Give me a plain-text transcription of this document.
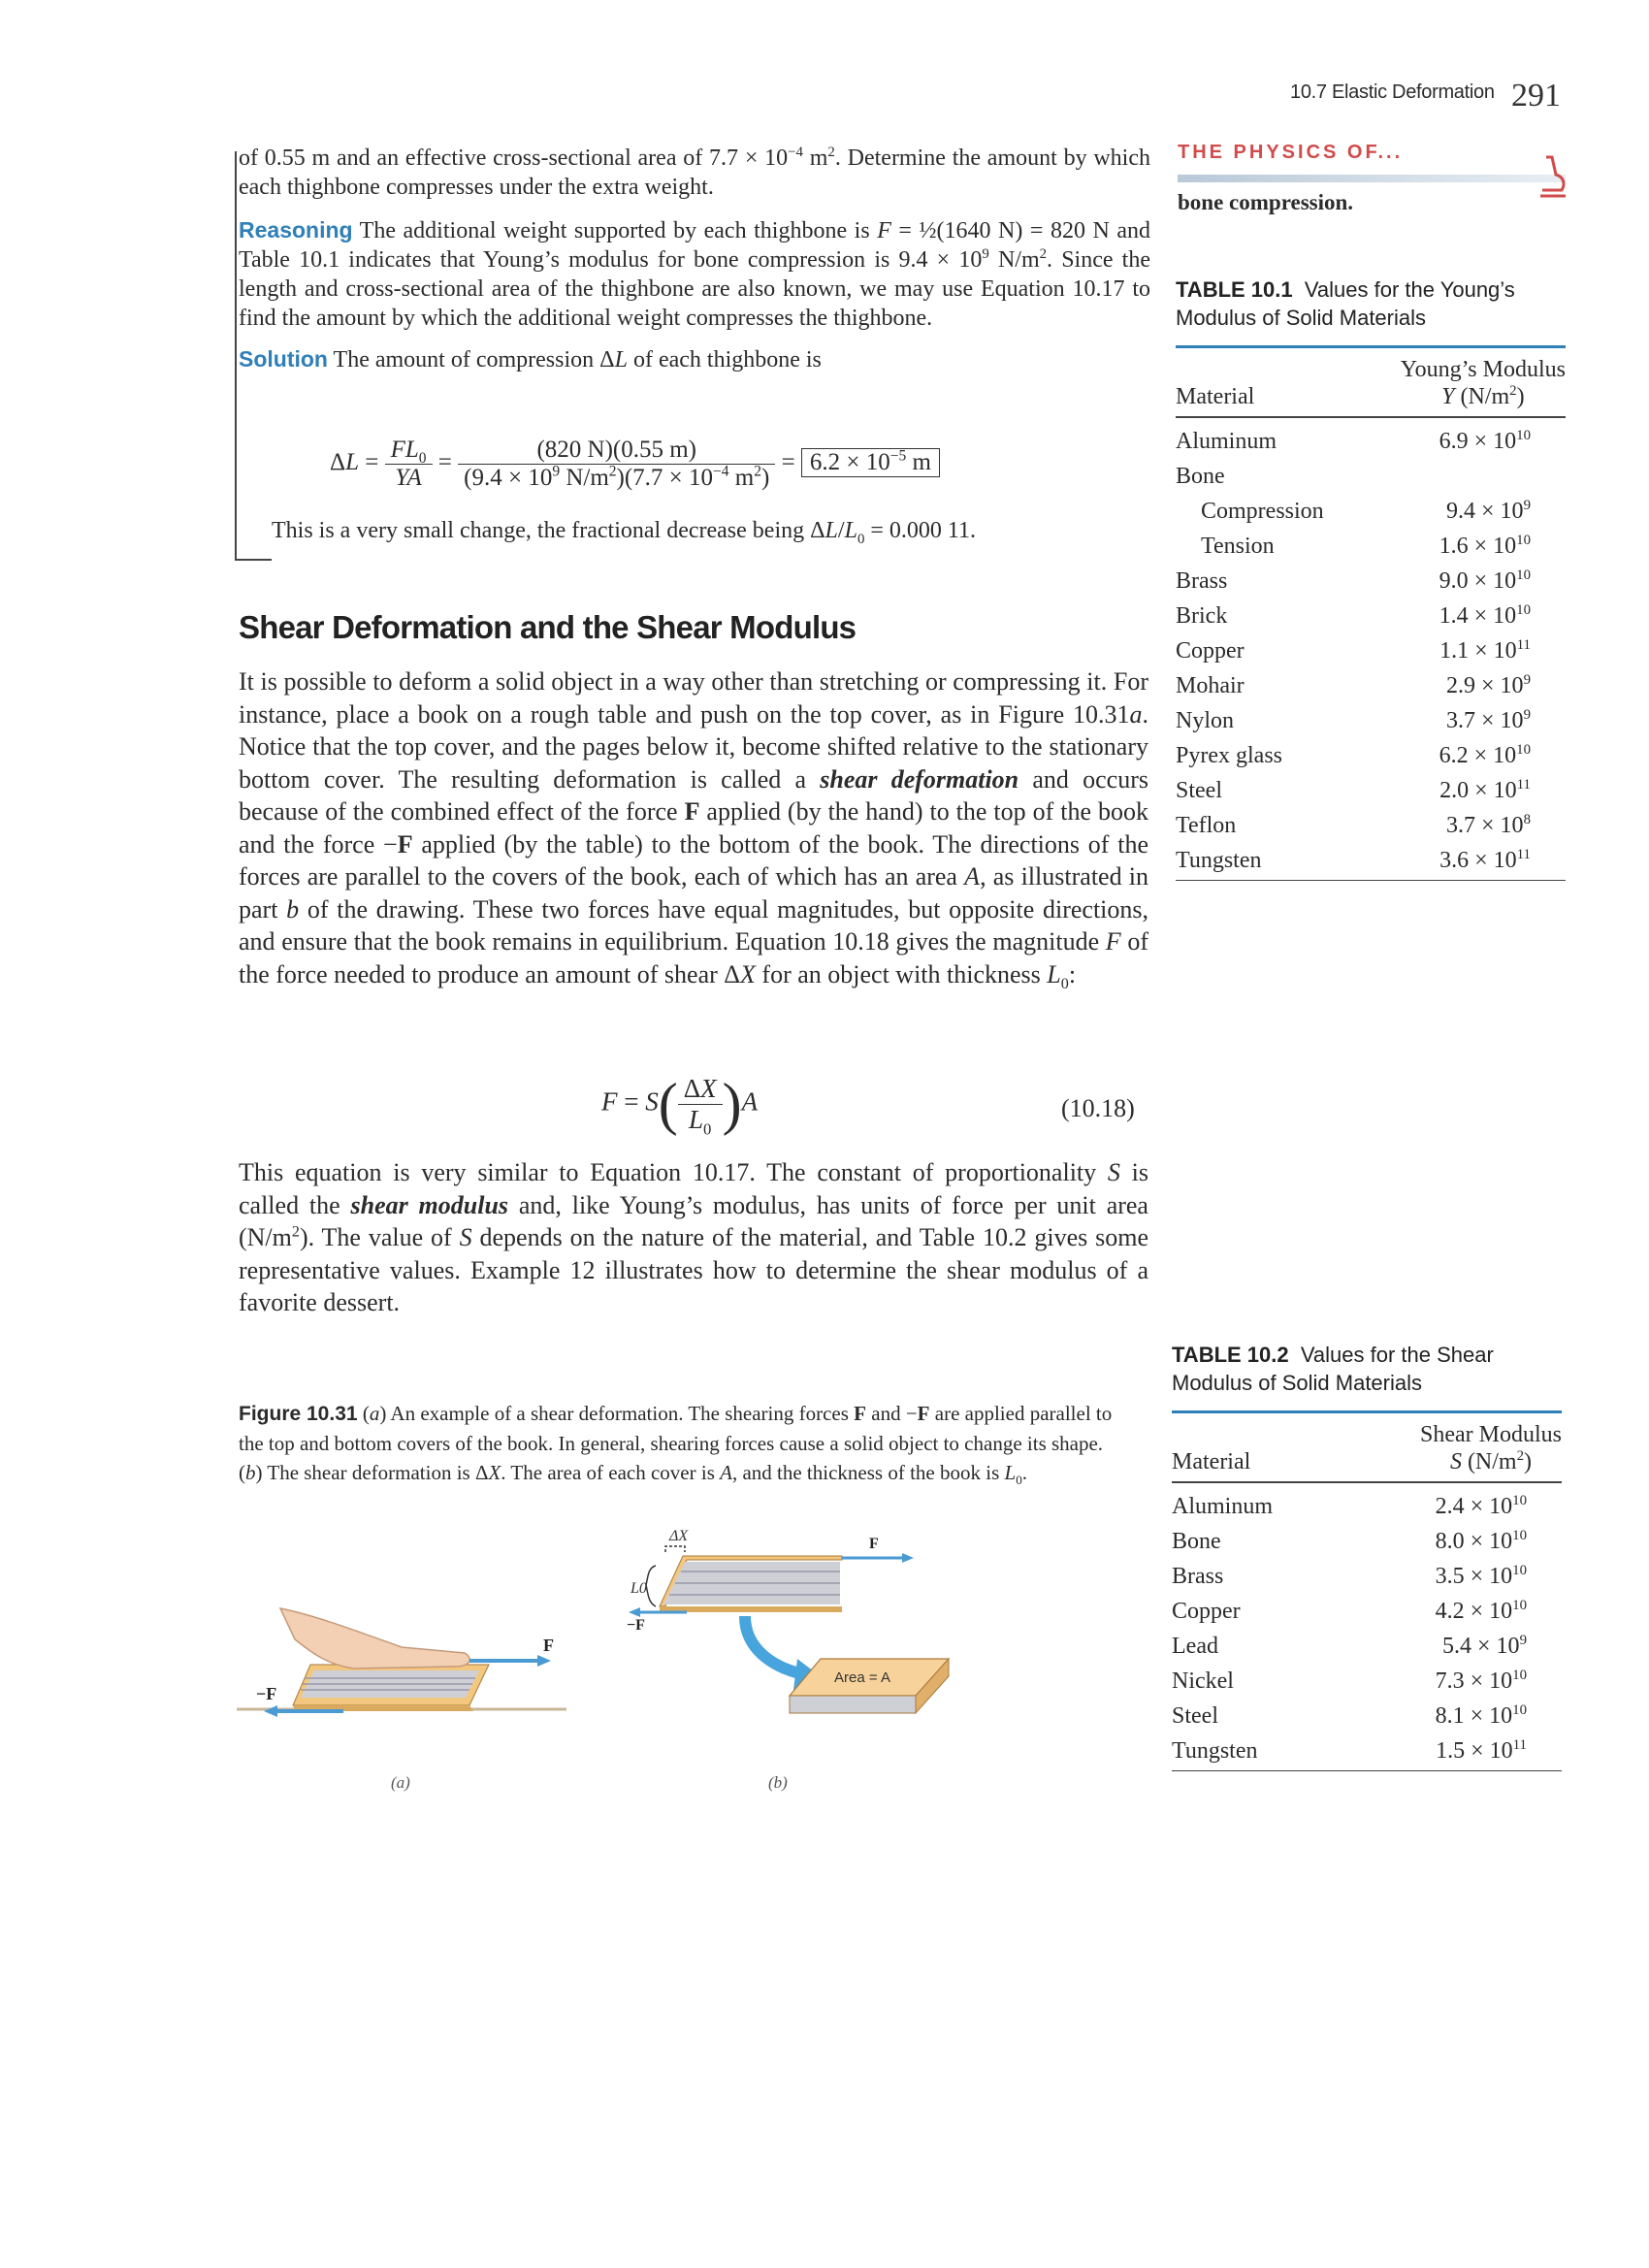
10.7 Elastic Deformation 291

of 0.55 m and an effective cross-sectional area of $7.7 \times 10^{-4}$ $m^2$. Determine the amount by which each thighbone compresses under the extra weight.

Reasoning The additional weight supported by each thighbone is F = ½(1640 N) = 820 N and Table 10.1 indicates that Young’s modulus for bone compression is $9.4 \times 10^9$ $N/m^2$. Since the length and cross-sectional area of the thighbone are also known, we may use Equation 10.17 to find the amount by which the additional weight compresses the thighbone.

Solution The amount of compression ΔL of each thighbone is

$\Delta L = \frac{FL_0}{YA} = \frac{(820 N)(0.55 m)}{(9.4 \times 10^9 N/m^2)(7.7 \times 10^{-4} m^2)} = 6.2 \times 10^{-5}$ m

This is a very small change, the fractional decrease being $\Delta L/L_0 = 0.000$ 11.

Shear Deformation and the Shear Modulus

It is possible to deform a solid object in a way other than stretching or compressing it. For instance, place a book on a rough table and push on the top cover, as in Figure 10.31a. Notice that the top cover, and the pages below it, become shifted relative to the stationary bottom cover. The resulting deformation is called a shear deformation and occurs because of the combined effect of the force F applied (by the hand) to the top of the book and the force −F applied (by the table) to the bottom of the book. The directions of the forces are parallel to the covers of the book, each of which has an area A, as illustrated in part b of the drawing. These two forces have equal magnitudes, but opposite directions, and ensure that the book remains in equilibrium. Equation 10.18 gives the magnitude F of the force needed to produce an amount of shear ΔX for an object with thickness $L_0$:

$F = S( \frac{\Delta X}{L_0} )A$	(10.18)

This equation is very similar to Equation 10.17. The constant of proportionality S is called the shear modulus and, like Young’s modulus, has units of force per unit area $(N/m^2)$. The value of S depends on the nature of the material, and Table 10.2 gives some representative values. Example 12 illustrates how to determine the shear modulus of a favorite dessert.

Figure 10.31 (a) An example of a shear deformation. The shearing forces F and −F are applied parallel to the top and bottom covers of the book. In general, shearing forces cause a solid object to change its shape. (b) The shear deformation is ΔX. The area of each cover is A, and the thickness of the book is $L_0$.
F
−F
(a)
ΔX
L0
F
−F
Area = A
(b)
THE PHYSICS OF...
bone compression.
TABLE 10.1 Values for the Young’s Modulus of Solid Materials
Material
Young’s Modulus
Y $(N/m^2)$
Aluminum	$6.9 \times 10^{10}$
Bone	
Compression	$9.4 \times 10^9$
Tension	$1.6 \times 10^{10}$
Brass	$9.0 \times 10^{10}$
Brick	$1.4 \times 10^{10}$
Copper	$1.1 \times 10^{11}$
Mohair	$2.9 \times 10^9$
Nylon	$3.7 \times 10^9$
Pyrex glass	$6.2 \times 10^{10}$
Steel	$2.0 \times 10^{11}$
Teflon	$3.7 \times 10^8$
Tungsten	$3.6 \times 10^{11}$
TABLE 10.2 Values for the Shear Modulus of Solid Materials
Material
Shear Modulus
S $(N/m^2)$
Aluminum	$2.4 \times 10^{10}$
Bone	$8.0 \times 10^{10}$
Brass	$3.5 \times 10^{10}$
Copper	$4.2 \times 10^{10}$
Lead	$5.4 \times 10^9$
Nickel	$7.3 \times 10^{10}$
Steel	$8.1 \times 10^{10}$
Tungsten	$1.5 \times 10^{11}$
